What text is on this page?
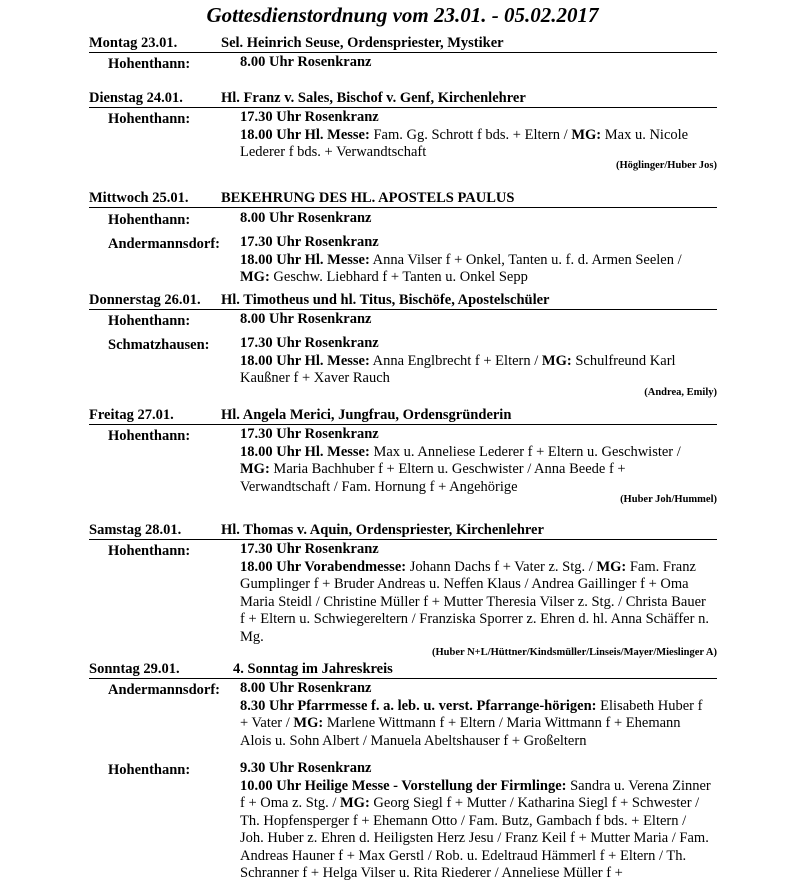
Gottesdienstordnung vom 23.01. - 05.02.2017
Montag 23.01.	Sel. Heinrich Seuse, Ordenspriester, Mystiker
Hohenthann:	8.00 Uhr Rosenkranz
Dienstag 24.01.	Hl. Franz v. Sales, Bischof v. Genf, Kirchenlehrer
Hohenthann:	17.30 Uhr Rosenkranz
18.00 Uhr Hl. Messe: Fam. Gg. Schrott f bds. + Eltern / MG: Max u. Nicole Lederer f bds. + Verwandtschaft
(Höglinger/Huber Jos)
Mittwoch 25.01. BEKEHRUNG DES HL. APOSTELS PAULUS
Hohenthann:	8.00 Uhr Rosenkranz
Andermannsdorf: 17.30 Uhr Rosenkranz
18.00 Uhr Hl. Messe: Anna Vilser f + Onkel, Tanten u. f. d. Armen Seelen / MG: Geschw. Liebhard f + Tanten u. Onkel Sepp
Donnerstag 26.01. Hl. Timotheus und hl. Titus, Bischöfe, Apostelschüler
Hohenthann:	8.00 Uhr Rosenkranz
Schmatzhausen: 17.30 Uhr Rosenkranz
18.00 Uhr Hl. Messe: Anna Englbrecht f + Eltern / MG: Schulfreund Karl Kaußner f + Xaver Rauch
(Andrea, Emily)
Freitag 27.01.	Hl. Angela Merici, Jungfrau, Ordensgründerin
Hohenthann:	17.30 Uhr Rosenkranz
18.00 Uhr Hl. Messe: Max u. Anneliese Lederer f + Eltern u. Geschwister / MG: Maria Bachhuber f + Eltern u. Geschwister / Anna Beede f + Verwandtschaft / Fam. Hornung f + Angehörige
(Huber Joh/Hummel)
Samstag 28.01.	Hl. Thomas v. Aquin, Ordenspriester, Kirchenlehrer
Hohenthann:	17.30 Uhr Rosenkranz
18.00 Uhr Vorabendmesse: Johann Dachs f + Vater z. Stg. / MG: Fam. Franz Gumplinger f + Bruder Andreas u. Neffen Klaus / Andrea Gaillinger f + Oma Maria Steidl / Christine Müller f + Mutter Theresia Vilser z. Stg. / Christa Bauer f + Eltern u. Schwiegereltern / Franziska Sporrer z. Ehren d. hl. Anna Schäffer n. Mg.
(Huber N+L/Hüttner/Kindsmüller/Linseis/Mayer/Mieslinger A)
Sonntag 29.01.	4. Sonntag im Jahreskreis
Andermannsdorf: 8.00 Uhr Rosenkranz
8.30 Uhr Pfarrmesse f. a. leb. u. verst. Pfarrange-hörigen: Elisabeth Huber f + Vater / MG: Marlene Wittmann f + Eltern / Maria Wittmann f + Ehemann Alois u. Sohn Albert / Manuela Abeltshauser f + Großeltern
Hohenthann:	9.30 Uhr Rosenkranz
10.00 Uhr Heilige Messe - Vorstellung der Firmlinge: Sandra u. Verena Zinner f + Oma z. Stg. / MG: Georg Siegl f + Mutter / Katharina Siegl f + Schwester / Th. Hopfensperger f + Ehemann Otto / Fam. Butz, Gambach f bds. + Eltern / Joh. Huber z. Ehren d. Heiligsten Herz Jesu / Franz Keil f + Mutter Maria / Fam. Andreas Hauner f + Max Gerstl / Rob. u. Edeltraud Hämmerl f + Eltern / Th. Schranner f + Helga Vilser u. Rita Riederer / Anneliese Müller f +
